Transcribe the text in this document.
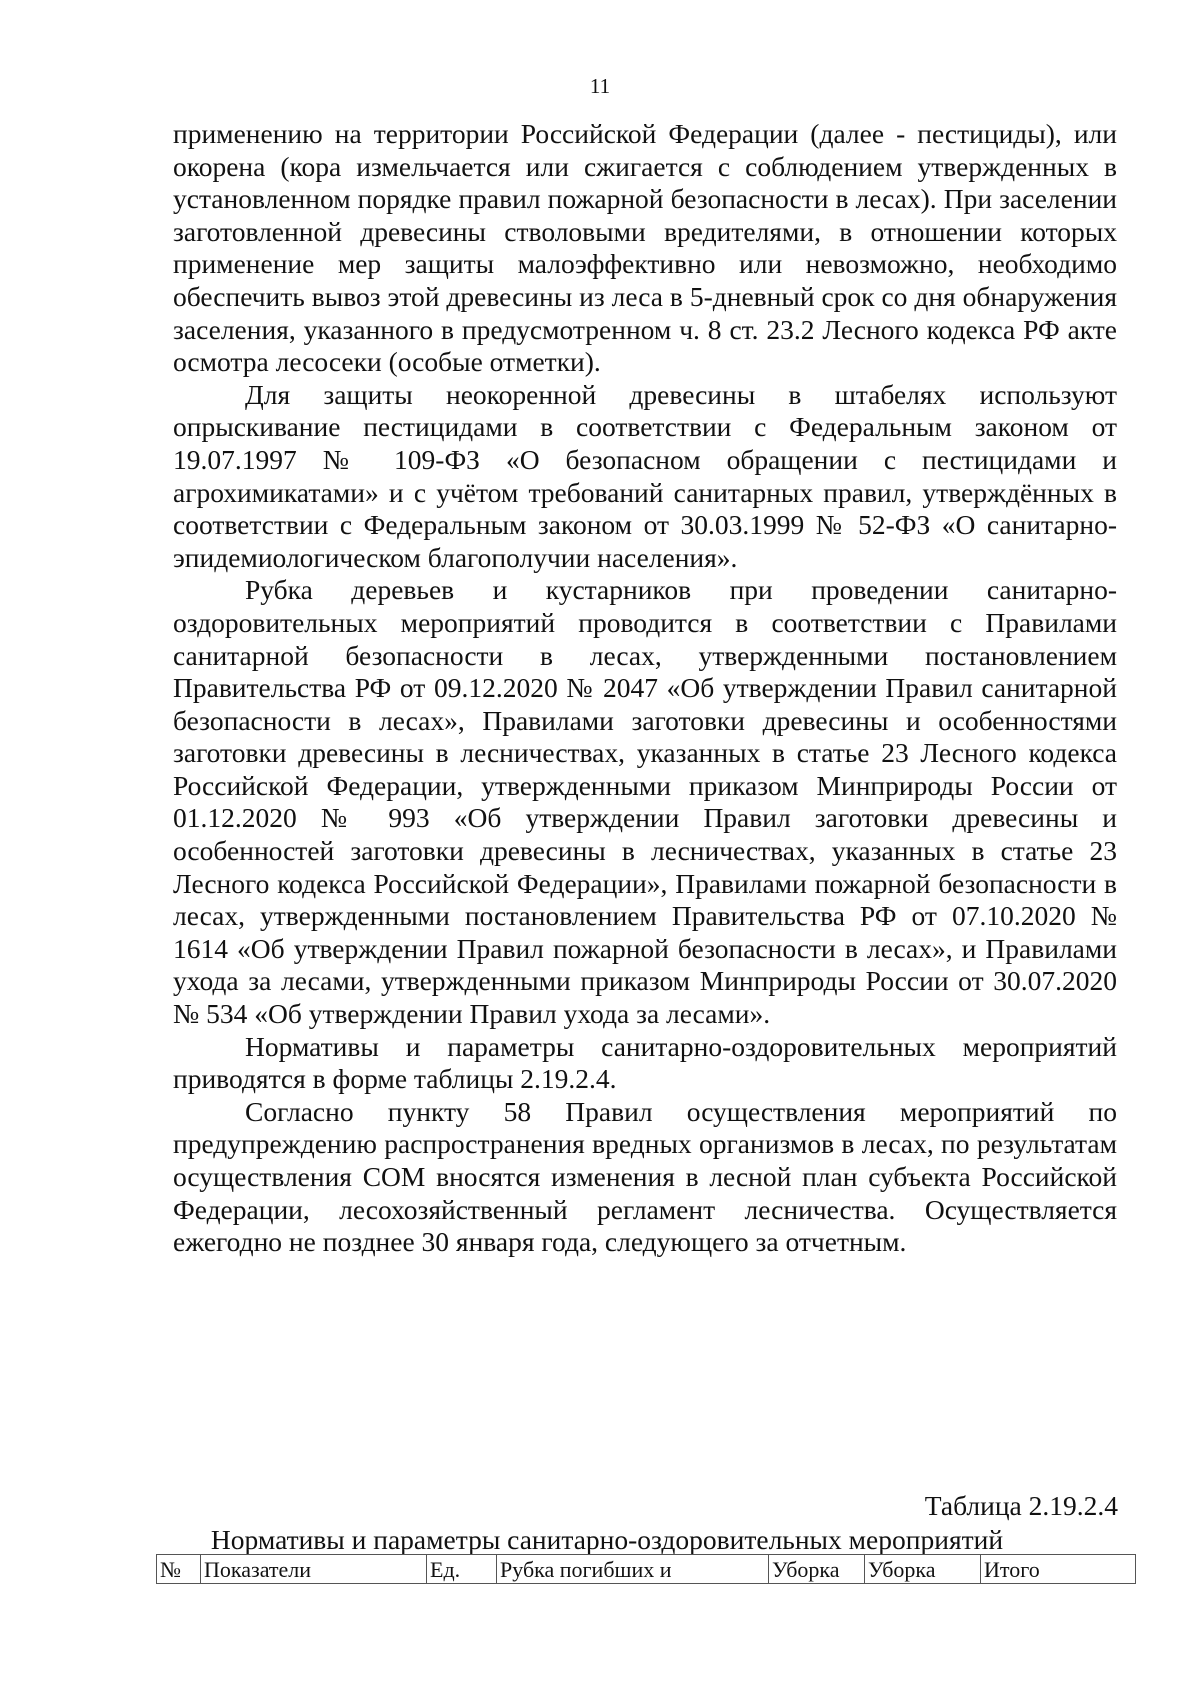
11

применению на территории Российской Федерации (далее - пестициды), или окорена (кора измельчается или сжигается с соблюдением утвержденных в установленном порядке правил пожарной безопасности в лесах). При заселении заготовленной древесины стволовыми вредителями, в отношении которых применение мер защиты малоэффективно или невозможно, необходимо обеспечить вывоз этой древесины из леса в 5-дневный срок со дня обнаружения заселения, указанного в предусмотренном ч. 8 ст. 23.2 Лесного кодекса РФ акте осмотра лесосеки (особые отметки).

Для защиты неокоренной древесины в штабелях используют опрыскивание пестицидами в соответствии с Федеральным законом от 19.07.1997 № 109-ФЗ «О безопасном обращении с пестицидами и агрохимикатами» и с учётом требований санитарных правил, утверждённых в соответствии с Федеральным законом от 30.03.1999 № 52-ФЗ «О санитарно-эпидемиологическом благополучии населения».

Рубка деревьев и кустарников при проведении санитарно-оздоровительных мероприятий проводится в соответствии с Правилами санитарной безопасности в лесах, утвержденными постановлением Правительства РФ от 09.12.2020 № 2047 «Об утверждении Правил санитарной безопасности в лесах», Правилами заготовки древесины и особенностями заготовки древесины в лесничествах, указанных в статье 23 Лесного кодекса Российской Федерации, утвержденными приказом Минприроды России от 01.12.2020 № 993 «Об утверждении Правил заготовки древесины и особенностей заготовки древесины в лесничествах, указанных в статье 23 Лесного кодекса Российской Федерации», Правилами пожарной безопасности в лесах, утвержденными постановлением Правительства РФ от 07.10.2020 № 1614 «Об утверждении Правил пожарной безопасности в лесах», и Правилами ухода за лесами, утвержденными приказом Минприроды России от 30.07.2020 № 534 «Об утверждении Правил ухода за лесами».

Нормативы и параметры санитарно-оздоровительных мероприятий приводятся в форме таблицы 2.19.2.4.

Согласно пункту 58 Правил осуществления мероприятий по предупреждению распространения вредных организмов в лесах, по результатам осуществления СОМ вносятся изменения в лесной план субъекта Российской Федерации, лесохозяйственный регламент лесничества. Осуществляется ежегодно не позднее 30 января года, следующего за отчетным.

Таблица 2.19.2.4
Нормативы и параметры санитарно-оздоровительных мероприятий
№	Показатели	Ед.	Рубка погибших и	Уборка	Уборка	Итого
